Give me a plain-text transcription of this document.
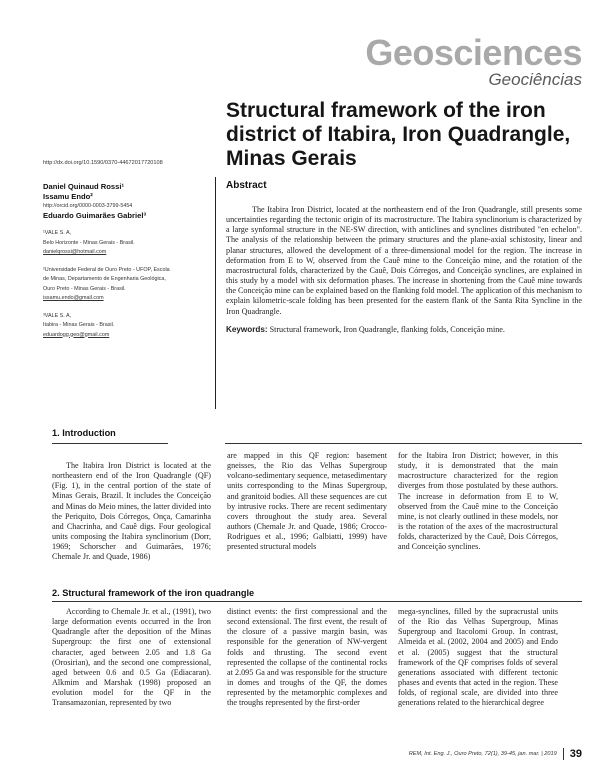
Geosciences
Geociências
Structural framework of the iron district of Itabira, Iron Quadrangle, Minas Gerais
http://dx.doi.org/10.1590/0370-44672017720108
Daniel Quinaud Rossi¹
Issamu Endo²
http://orcid.org/0000-0003-3799-5454
Eduardo Guimarães Gabriel³
¹VALE S. A,
Belo Horizonte - Minas Gerais - Brasil.
danielqrossi@hotmail.com
²Universidade Federal de Ouro Preto - UFOP, Escola
de Minas, Departamento de Engenharia Geológica,
Ouro Preto - Minas Gerais - Brasil.
issamu.endo@gmail.com
³VALE S. A,
Itabira - Minas Gerais - Brasil.
eduardogg.geo@gmail.com
Abstract

The Itabira Iron District, located at the northeastern end of the Iron Quadrangle, still presents some uncertainties regarding the tectonic origin of its macrostructure. The Itabira synclinorium is characterized by a large synformal structure in the NE-SW direction, with anticlines and synclines distributed "en echelon". The analysis of the relationship between the primary structures and the plane-axial schistosity, linear and planar structures, allowed the development of a three-dimensional model for the region. The increase in deformation from E to W, observed from the Cauê mine to the Conceição mine, and the rotation of the macrostructural folds, characterized by the Cauê, Dois Córregos, and Conceição synclines, are explained in this study by a model with six deformation phases. The increase in shortening from the Cauê mine towards the Conceição mine can be explained based on the flanking fold model. The application of this mechanism to explain kilometric-scale folding has been presented for the eastern flank of the Santa Rita Syncline in the Iron Quadrangle.

Keywords: Structural framework, Iron Quadrangle, flanking folds, Conceição mine.

1. Introduction

The Itabira Iron District is located at the northeastern end of the Iron Quadrangle (QF) (Fig. 1), in the central portion of the state of Minas Gerais, Brazil. It includes the Conceição and Minas do Meio mines, the latter divided into the Periquito, Dois Córregos, Onça, Camarinha and Chacrinha, and Cauê digs. Four geological units composing the Itabira synclinorium (Dorr, 1969; Schorscher and Guimarães, 1976; Chemale Jr. and Quade, 1986)

are mapped in this QF region: basement gneisses, the Rio das Velhas Supergroup volcano-sedimentary sequence, metasedimentary units corresponding to the Minas Supergroup, and granitoid bodies. All these sequences are cut by intrusive rocks. There are recent sedimentary covers throughout the study area. Several authors (Chemale Jr. and Quade, 1986; Crocco-Rodrigues et al., 1996; Galbiatti, 1999) have presented structural models

for the Itabira Iron District; however, in this study, it is demonstrated that the main macrostructure characterized for the region diverges from those postulated by these authors. The increase in deformation from E to W, observed from the Cauê mine to the Conceição mine, is not clearly outlined in these models, nor is the rotation of the axes of the macrostructural folds, characterized by the Cauê, Dois Córregos, and Conceição synclines.

2. Structural framework of the iron quadrangle

According to Chemale Jr. et al., (1991), two large deformation events occurred in the Iron Quadrangle after the deposition of the Minas Supergroup: the first one of extensional character, aged between 2.05 and 1.8 Ga (Orosirian), and the second one compressional, aged between 0.6 and 0.5 Ga (Ediacaran). Alkmim and Marshak (1998) proposed an evolution model for the QF in the Transamazonian, represented by two

distinct events: the first compressional and the second extensional. The first event, the result of the closure of a passive margin basin, was responsible for the generation of NW-vergent folds and thrusting. The second event represented the collapse of the continental rocks at 2.095 Ga and was responsible for the structure in domes and troughs of the QF, the domes represented by the metamorphic complexes and the troughs represented by the first-order

mega-synclines, filled by the supracrustal units of the Rio das Velhas Supergroup, Minas Supergroup and Itacolomi Group. In contrast, Almeida et al. (2002, 2004 and 2005) and Endo et al. (2005) suggest that the structural framework of the QF comprises folds of several generations associated with different tectonic phases and events that acted in the region. These folds, of regional scale, are divided into three generations related to the hierarchical degree

REM, Int. Eng. J., Ouro Preto, 72(1), 39-45, jan. mar. | 2019 39
